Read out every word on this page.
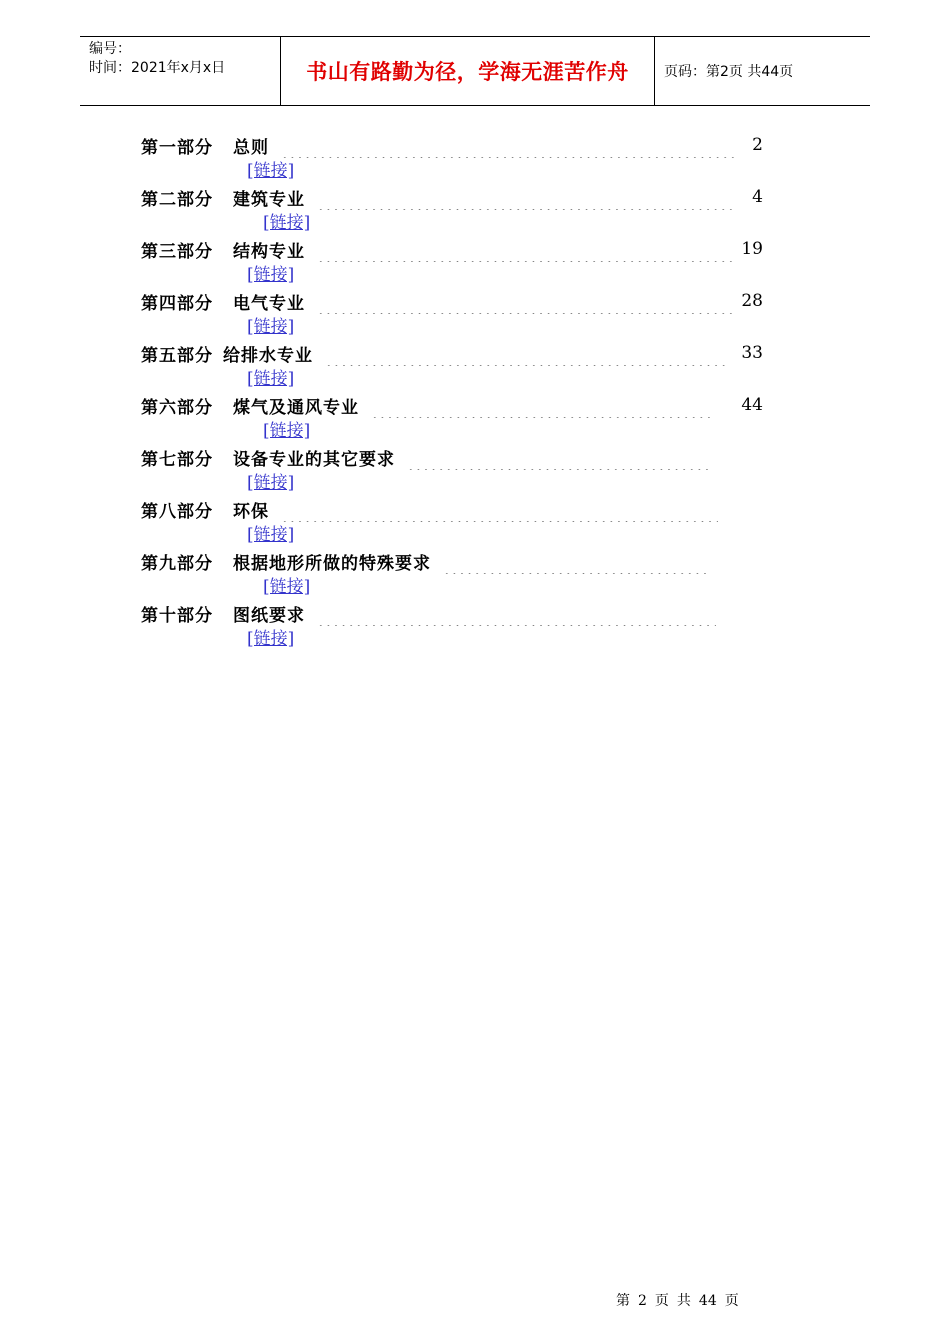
编号：
时间：2021年x月x日	书山有路勤为径，学海无涯苦作舟	页码：第2页 共44页
第一部分 总则	2
[链接]
第二部分 建筑专业	4
[链接]
第三部分 结构专业	19
[链接]
第四部分 电气专业	28
[链接]
第五部分 给排水专业	33
[链接]
第六部分 煤气及通风专业	44
[链接]
第七部分 设备专业的其它要求
[链接]
第八部分 环保
[链接]
第九部分 根据地形所做的特殊要求
[链接]
第十部分 图纸要求
[链接]
第 2 页 共 44 页
